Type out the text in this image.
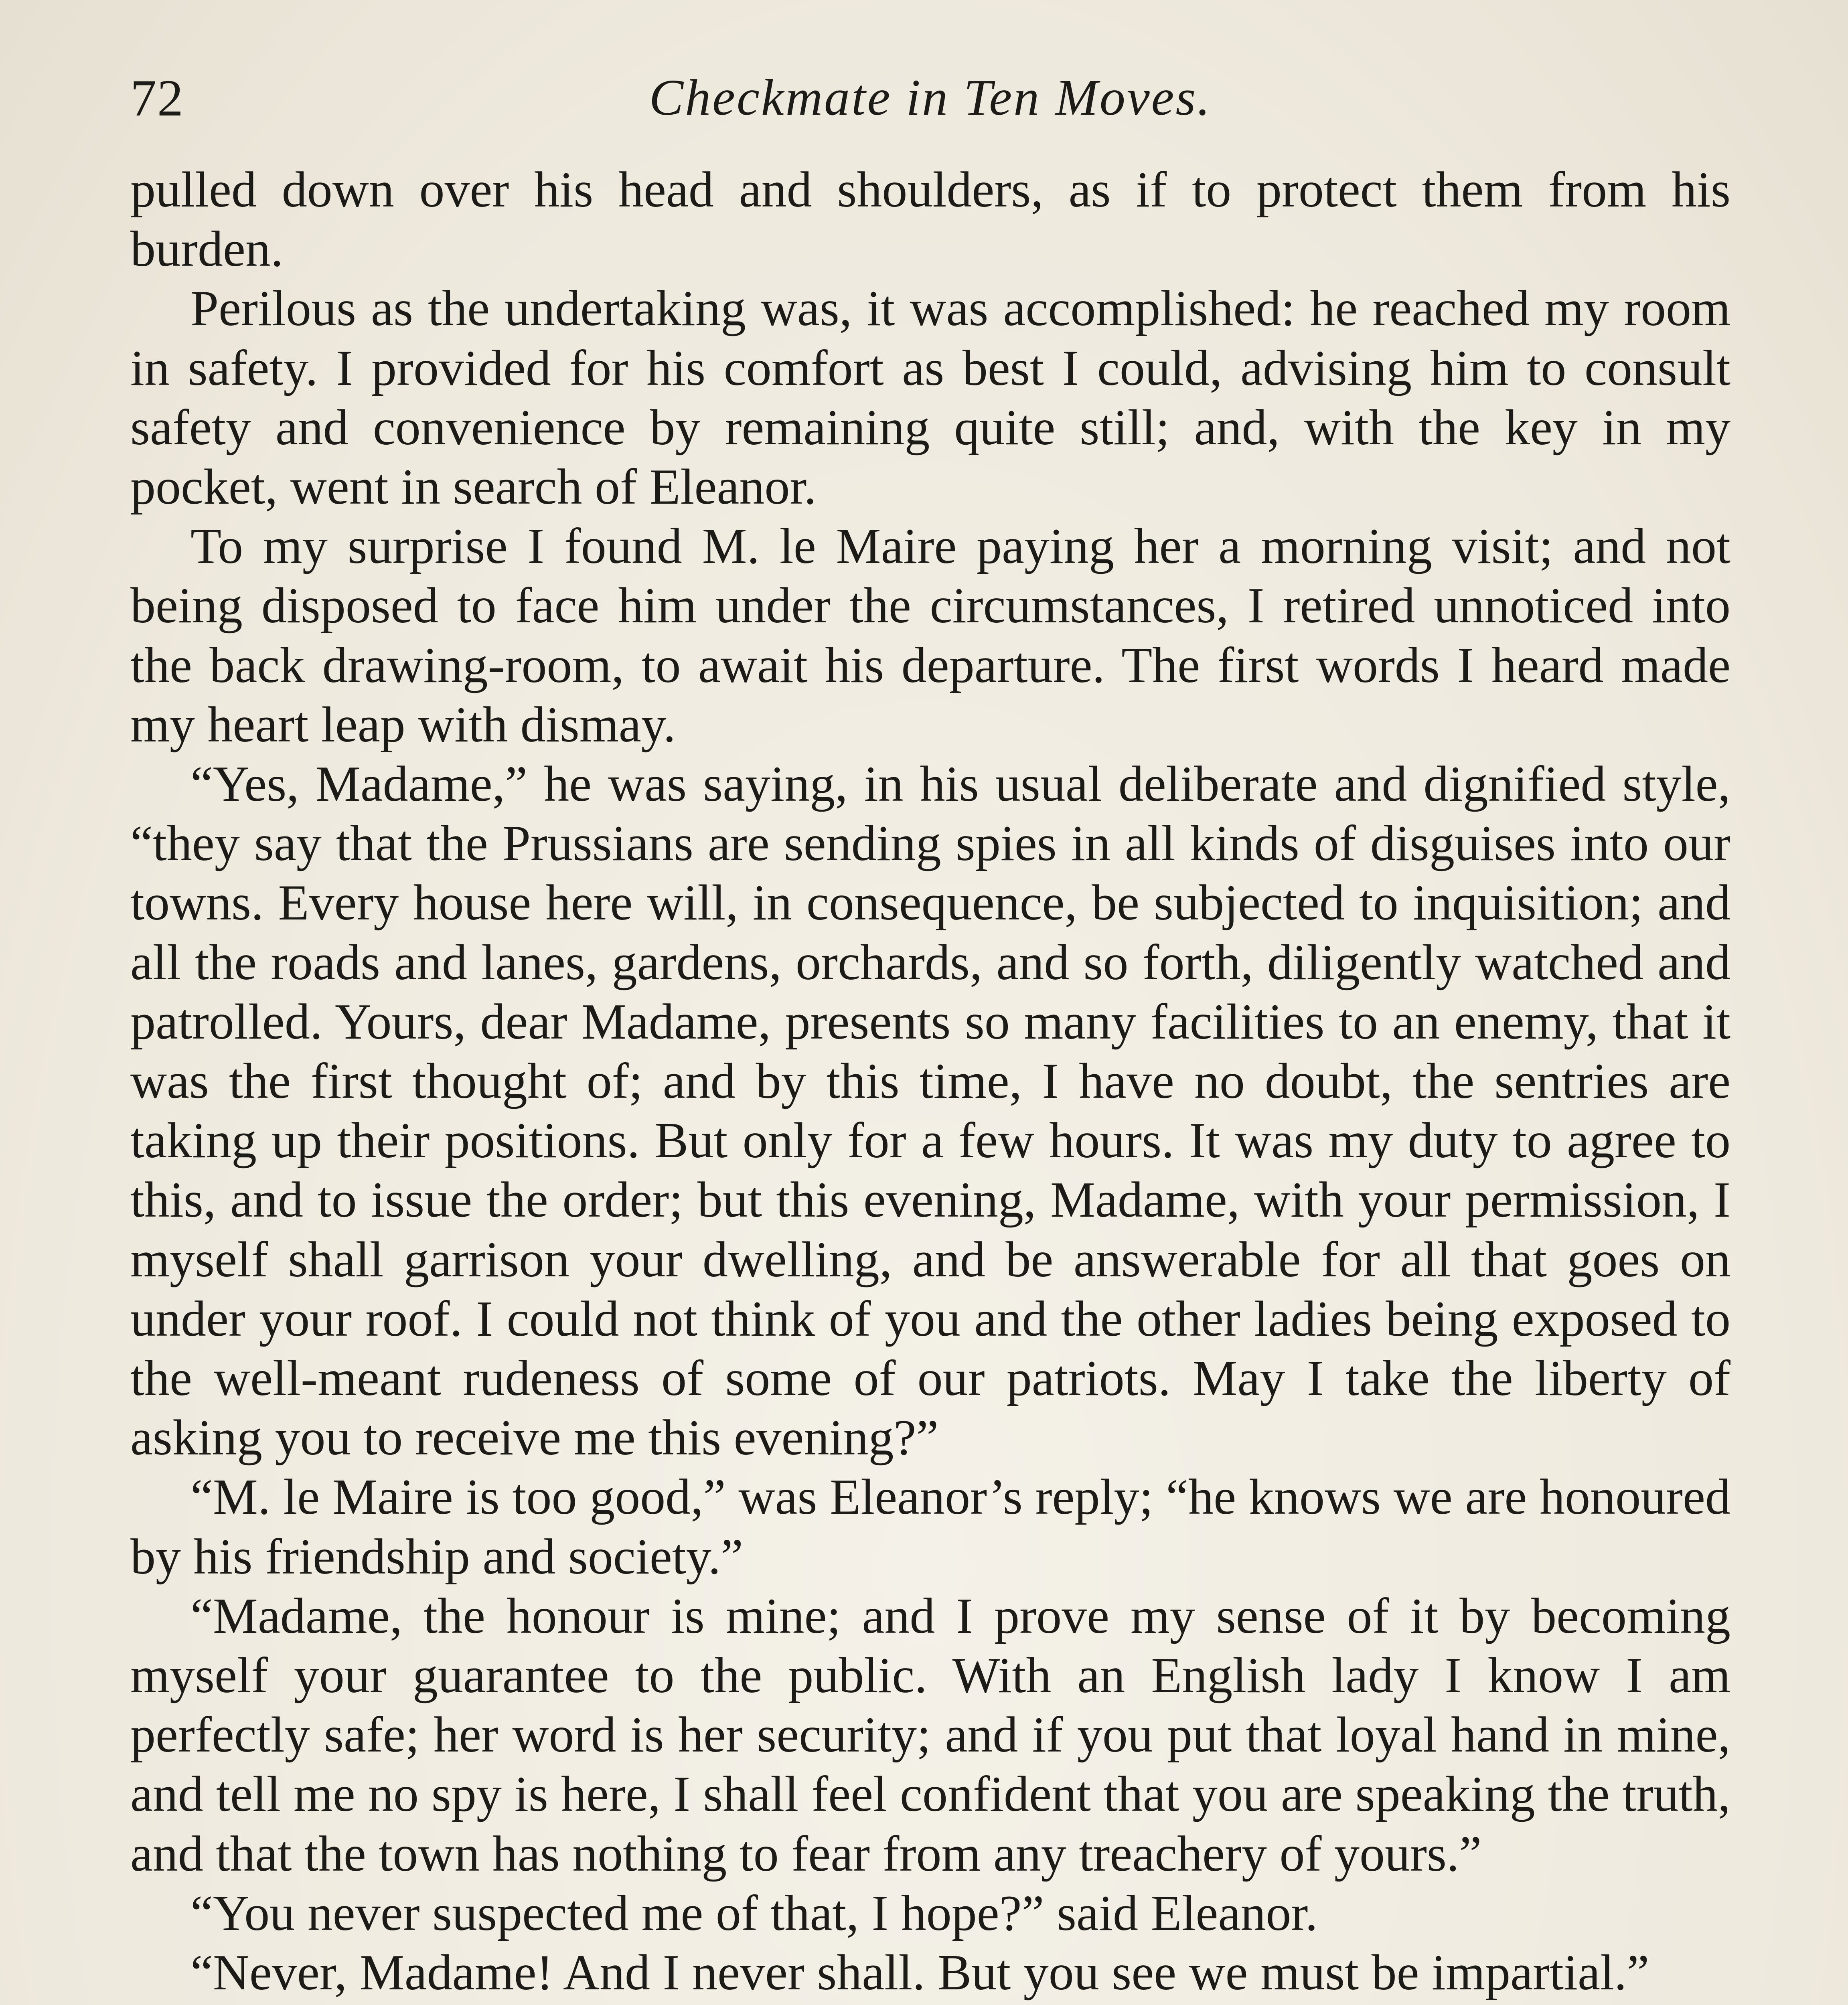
72	Checkmate in Ten Moves.

pulled down over his head and shoulders, as if to protect them from his burden.

Perilous as the undertaking was, it was accomplished: he reached my room in safety. I provided for his comfort as best I could, advising him to consult safety and convenience by remaining quite still; and, with the key in my pocket, went in search of Eleanor.

To my surprise I found M. le Maire paying her a morning visit; and not being disposed to face him under the circumstances, I retired unnoticed into the back drawing-room, to await his departure. The first words I heard made my heart leap with dismay.

“Yes, Madame,” he was saying, in his usual deliberate and dignified style, “they say that the Prussians are sending spies in all kinds of disguises into our towns. Every house here will, in consequence, be subjected to inquisition; and all the roads and lanes, gardens, orchards, and so forth, diligently watched and patrolled. Yours, dear Madame, presents so many facilities to an enemy, that it was the first thought of; and by this time, I have no doubt, the sentries are taking up their positions. But only for a few hours. It was my duty to agree to this, and to issue the order; but this evening, Madame, with your permission, I myself shall garrison your dwelling, and be answerable for all that goes on under your roof. I could not think of you and the other ladies being exposed to the well-meant rudeness of some of our patriots. May I take the liberty of asking you to receive me this evening?”

“M. le Maire is too good,” was Eleanor’s reply; “he knows we are honoured by his friendship and society.”

“Madame, the honour is mine; and I prove my sense of it by becoming myself your guarantee to the public. With an English lady I know I am perfectly safe; her word is her security; and if you put that loyal hand in mine, and tell me no spy is here, I shall feel confident that you are speaking the truth, and that the town has nothing to fear from any treachery of yours.”

“You never suspected me of that, I hope?” said Eleanor.

“Never, Madame! And I never shall. But you see we must be impartial.”
